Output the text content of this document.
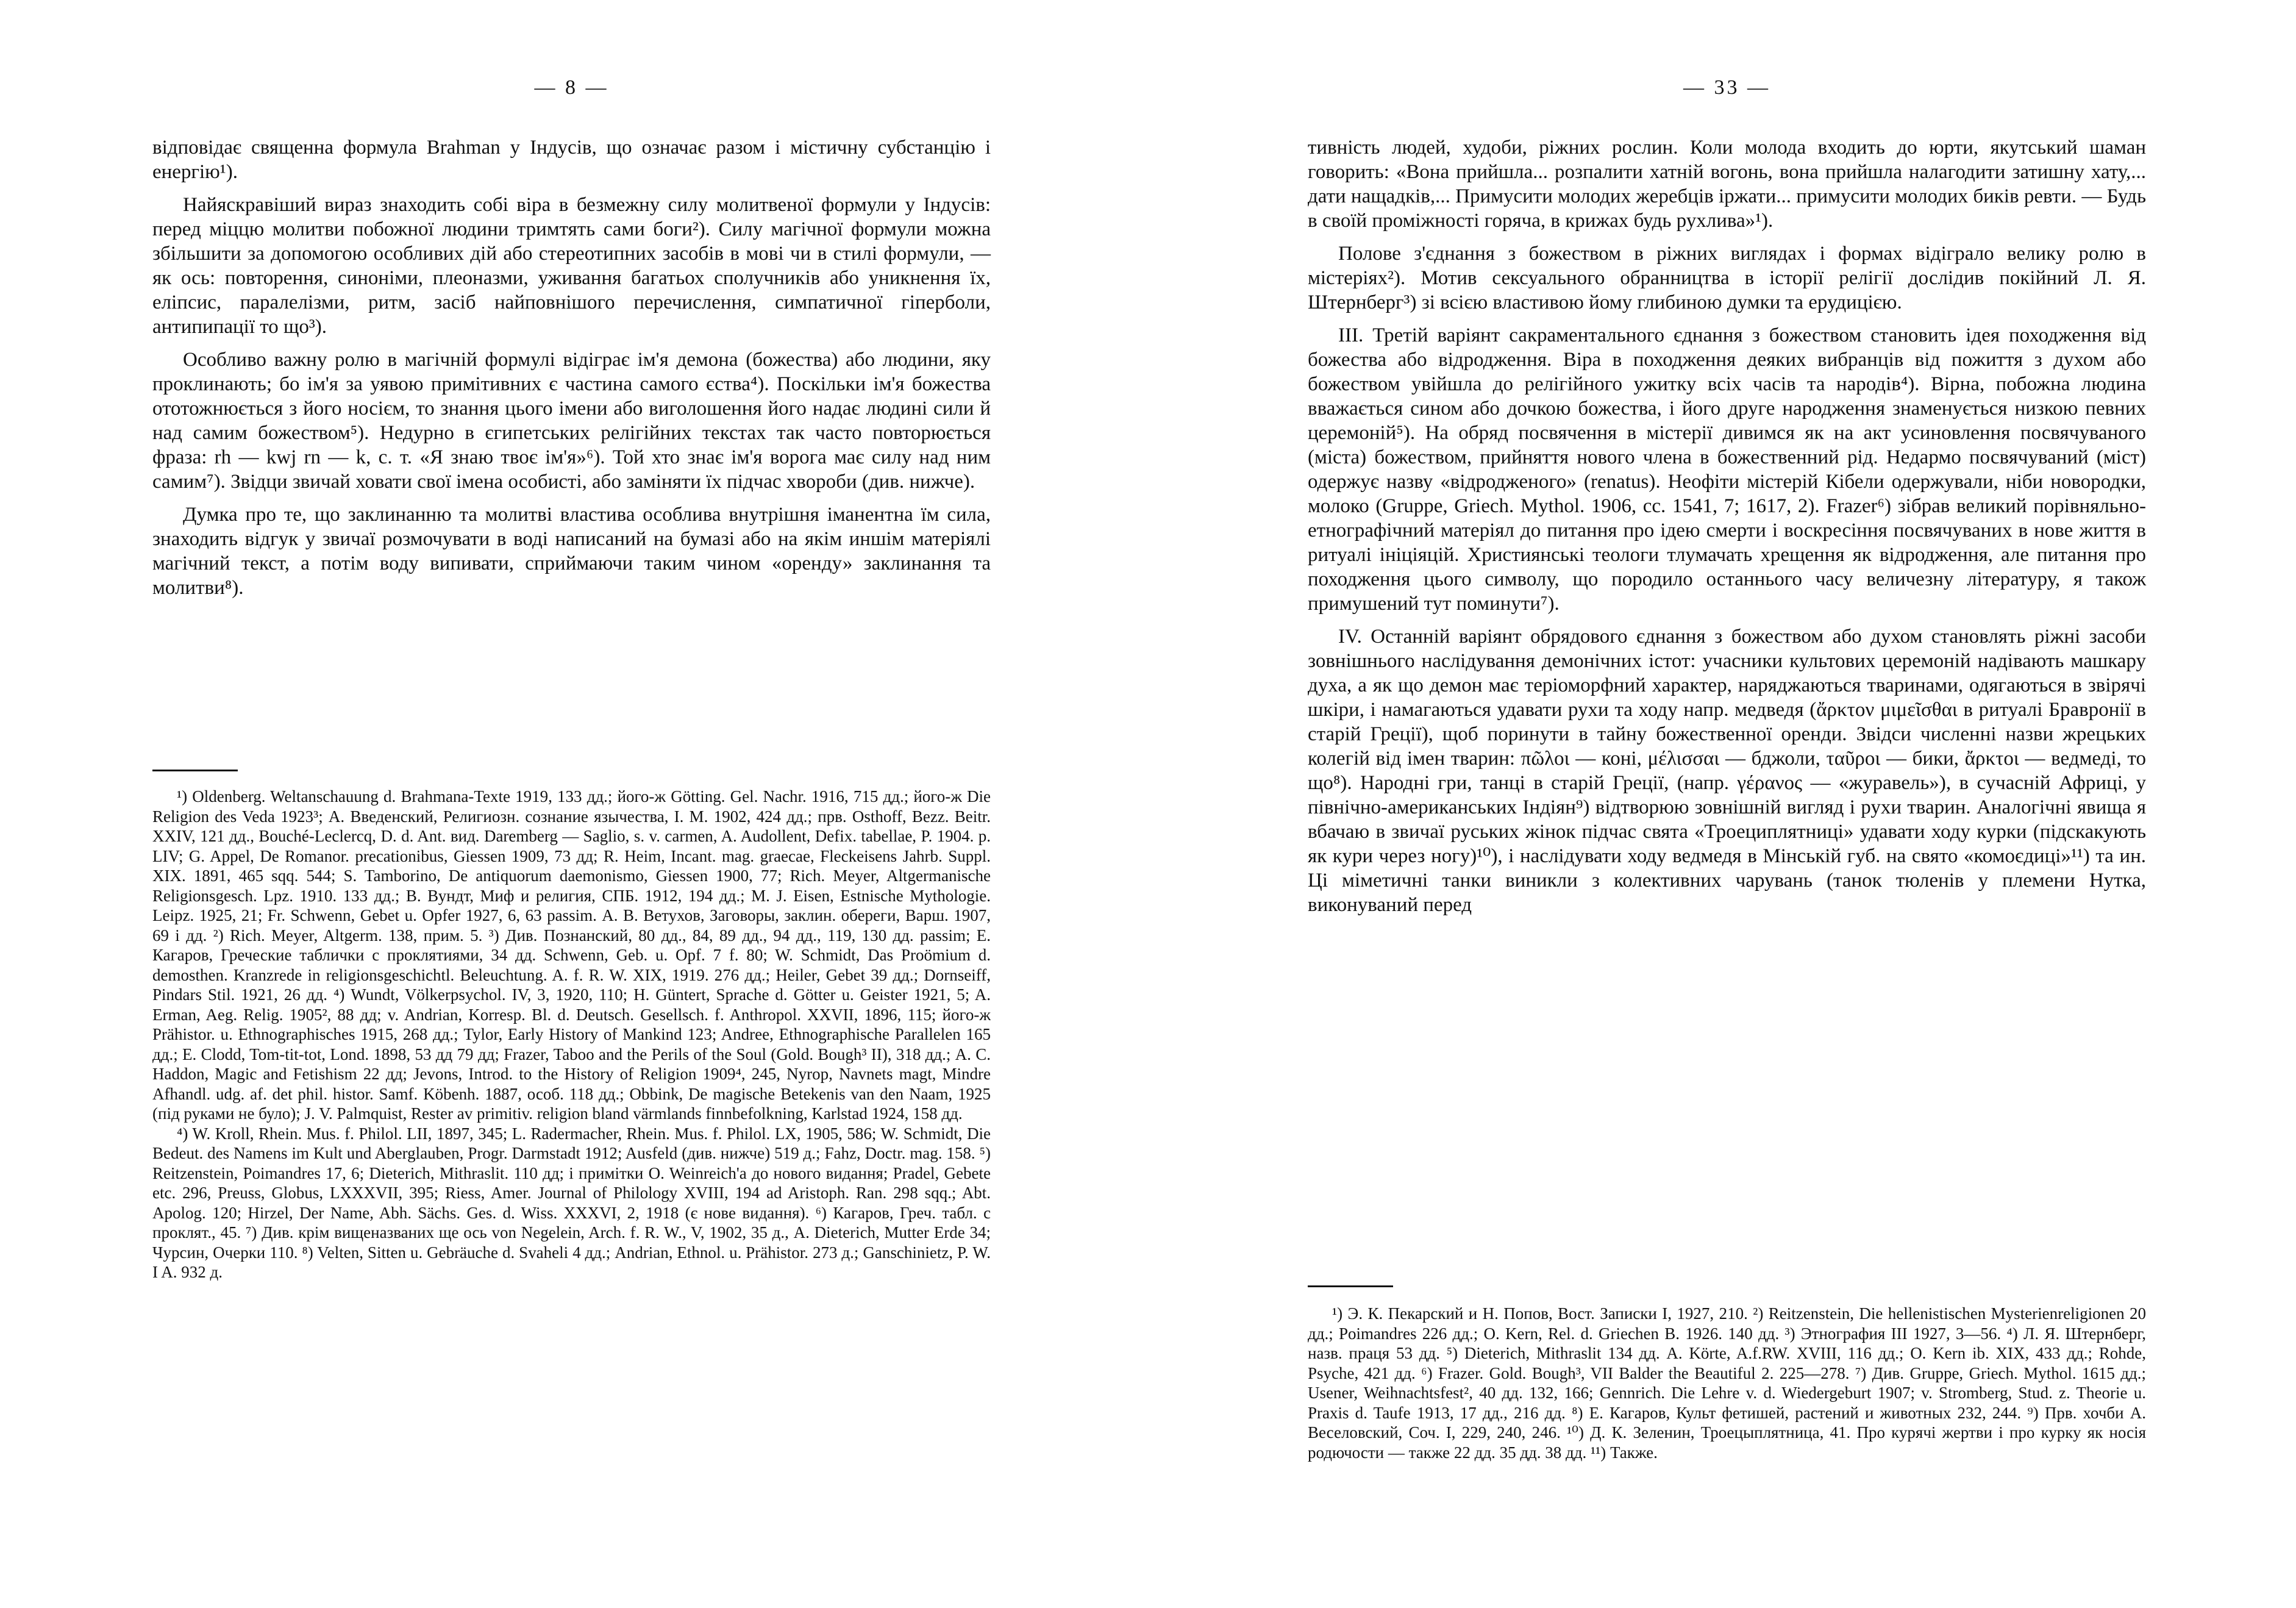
— 8 —

відповідає священна формула Brahman у Індусів, що означає разом і містичну субстанцію і енергію¹).

Найяскравіший вираз знаходить собі віра в безмежну силу молитвеної формули у Індусів: перед міццю молитви побожної людини тримтять сами боги²). Силу магічної формули можна збільшити за допомогою особливих дій або стереотипних засобів в мові чи в стилі формули, — як ось: повторення, синоніми, плеоназми, уживання багатьох сполучників або уникнення їх, еліпсис, паралелізми, ритм, засіб найповнішого перечислення, симпатичної гіперболи, антипипації то що³).

Особливо важну ролю в магічній формулі відіграє ім'я демона (божества) або людини, яку проклинають; бо ім'я за уявою примітивних є частина самого єства⁴). Поскільки ім'я божества ототожнюється з його носієм, то знання цього імени або виголошення його надає людині сили й над самим божеством⁵). Недурно в єгипетських релігійних текстах так часто повторюється фраза: rh — kwj rn — k, с. т. «Я знаю твоє ім'я»⁶). Той хто знає ім'я ворога має силу над ним самим⁷). Звідци звичай ховати свої імена особисті, або заміняти їх підчас хвороби (див. нижче).

Думка про те, що заклинанню та молитві властива особлива внутрішня іманентна їм сила, знаходить відгук у звичаї розмочувати в воді написаний на бумазі або на якім иншім матеріялі магічний текст, а потім воду випивати, сприймаючи таким чином «оренду» заклинання та молитви⁸).

¹) Oldenberg. Weltanschauung d. Brahmana-Texte 1919, 133 дд.; його-ж Götting. Gel. Nachr. 1916, 715 дд.; його-ж Die Religion des Veda 1923³; А. Введенский, Религиозн. сознание язычества, I. М. 1902, 424 дд.; прв. Osthoff, Bezz. Beitr. XXIV, 121 дд., Bouché-Leclercq, D. d. Ant. вид. Daremberg — Saglio, s. v. carmen, A. Audollent, Defix. tabellae, P. 1904. p. LIV; G. Appel, De Romanor. precationibus, Giessen 1909, 73 дд; R. Heim, Incant. mag. graecae, Fleckeisens Jahrb. Suppl. XIX. 1891, 465 sqq. 544; S. Tamborino, De antiquorum daemonismo, Giessen 1900, 77; Rich. Meyer, Altgermanische Religionsgesch. Lpz. 1910. 133 дд.; В. Вундт, Миф и религия, СПБ. 1912, 194 дд.; M. J. Eisen, Estnische Mythologie. Leipz. 1925, 21; Fr. Schwenn, Gebet u. Opfer 1927, 6, 63 passim. А. В. Ветухов, Заговоры, заклин. обереги, Варш. 1907, 69 і дд. ²) Rich. Meyer, Altgerm. 138, прим. 5. ³) Див. Познанский, 80 дд., 84, 89 дд., 94 дд., 119, 130 дд. passim; Е. Кагаров, Греческие таблички с проклятиями, 34 дд. Schwenn, Geb. u. Opf. 7 f. 80; W. Schmidt, Das Proömium d. demosthen. Kranzrede in religionsgeschichtl. Beleuchtung. A. f. R. W. XIX, 1919. 276 дд.; Heiler, Gebet 39 дд.; Dornseiff, Pindars Stil. 1921, 26 дд. ⁴) Wundt, Völkerpsychol. IV, 3, 1920, 110; H. Güntert, Sprache d. Götter u. Geister 1921, 5; A. Erman, Aeg. Relig. 1905², 88 дд; v. Andrian, Korresp. Bl. d. Deutsch. Gesellsch. f. Anthropol. XXVII, 1896, 115; його-ж Prähistor. u. Ethnographisches 1915, 268 дд.; Tylor, Early History of Mankind 123; Andree, Ethnographische Parallelen 165 дд.; E. Clodd, Tom-tit-tot, Lond. 1898, 53 дд 79 дд; Frazer, Taboo and the Perils of the Soul (Gold. Bough³ II), 318 дд.; A. C. Haddon, Magic and Fetishism 22 дд; Jevons, Introd. to the History of Religion 1909⁴, 245, Nyrop, Navnets magt, Mindre Afhandl. udg. af. det phil. histor. Samf. Köbenh. 1887, особ. 118 дд.; Obbink, De magische Betekenis van den Naam, 1925 (під руками не було); J. V. Palmquist, Rester av primitiv. religion bland värmlands finnbefolkning, Karlstad 1924, 158 дд.

⁴) W. Kroll, Rhein. Mus. f. Philol. LII, 1897, 345; L. Radermacher, Rhein. Mus. f. Philol. LX, 1905, 586; W. Schmidt, Die Bedeut. des Namens im Kult und Aberglauben, Progr. Darmstadt 1912; Ausfeld (див. нижче) 519 д.; Fahz, Doctr. mag. 158. ⁵) Reitzenstein, Poimandres 17, 6; Dieterich, Mithraslit. 110 дд; і примітки O. Weinreich'а до нового видання; Pradel, Gebete etc. 296, Preuss, Globus, LXXXVII, 395; Riess, Amer. Journal of Philology XVIII, 194 ad Aristoph. Ran. 298 sqq.; Abt. Apolog. 120; Hirzel, Der Name, Abh. Sächs. Ges. d. Wiss. XXXVI, 2, 1918 (є нове видання). ⁶) Кагаров, Греч. табл. с проклят., 45. ⁷) Див. крім вищеназваних ще ось von Negelein, Arch. f. R. W., V, 1902, 35 д., A. Dieterich, Mutter Erde 34; Чурсин, Очерки 110. ⁸) Velten, Sitten u. Gebräuche d. Svaheli 4 дд.; Andrian, Ethnol. u. Prähistor. 273 д.; Ganschinietz, P. W. I A. 932 д.

— 33 —

тивність людей, худоби, ріжних рослин. Коли молода входить до юрти, якутський шаман говорить: «Вона прийшла... розпалити хатній вогонь, вона прийшла налагодити затишну хату,... дати нащадків,... Примусити молодих жеребців іржати... примусити молодих биків ревти. — Будь в своїй проміжності горяча, в крижах будь рухлива»¹).

Полове з'єднання з божеством в ріжних виглядах і формах відіграло велику ролю в містеріях²). Мотив сексуального обранництва в історії релігії дослідив покійний Л. Я. Штернберг³) зі всією властивою йому глибиною думки та ерудицією.

III. Третій варіянт сакраментального єднання з божеством становить ідея походження від божества або відродження. Віра в походження деяких вибранців від пожиття з духом або божеством увійшла до релігійного ужитку всіх часів та народів⁴). Вірна, побожна людина вважається сином або дочкою божества, і його друге народження знаменується низкою певних церемоній⁵). На обряд посвячення в містерії дивимся як на акт усиновлення посвячуваного (міста) божеством, прийняття нового члена в божественний рід. Недармо посвячуваний (міст) одержує назву «відродженого» (renatus). Неофіти містерій Кібели одержували, ніби новородки, молоко (Gruppe, Griech. Mythol. 1906, сс. 1541, 7; 1617, 2). Frazer⁶) зібрав великий порівняльно-етнографічний матеріял до питання про ідею смерти і воскресіння посвячуваних в нове життя в ритуалі ініціяцій. Християнські теологи тлумачать хрещення як відродження, але питання про походження цього символу, що породило останнього часу величезну літературу, я також примушений тут поминути⁷).

IV. Останній варіянт обрядового єднання з божеством або духом становлять ріжні засоби зовнішнього наслідування демонічних істот: учасники культових церемоній надівають машкару духа, а як що демон має теріоморфний характер, наряджаються тваринами, одягаються в звірячі шкіри, і намагаються удавати рухи та ходу напр. медведя (ἄρκτον μιμεῖσθαι в ритуалі Бравронії в старій Греції), щоб поринути в тайну божественної оренди. Звідси численні назви жрецьких колегій від імен тварин: πῶλοι — коні, μέλισσαι — бджоли, ταῦροι — бики, ἄρκτοι — ведмеді, то що⁸). Народні гри, танці в старій Греції, (напр. γέρανος — «журавель»), в сучасній Африці, у північно-американських Індіян⁹) відтворюю зовнішній вигляд і рухи тварин. Аналогічні явища я вбачаю в звичаї руських жінок підчас свята «Троециплятниці» удавати ходу курки (підскакують як кури через ногу)¹⁰), і наслідувати ходу ведмедя в Мінській губ. на свято «комоєдиці»¹¹) та ин. Ці міметичні танки виникли з колективних чарувань (танок тюленів у племени Нутка, виконуваний перед

¹) Э. К. Пекарский и Н. Попов, Вост. Записки I, 1927, 210. ²) Reitzenstein, Die hellenistischen Mysterienreligionen 20 дд.; Poimandres 226 дд.; O. Kern, Rel. d. Griechen B. 1926. 140 дд. ³) Этнография III 1927, 3—56. ⁴) Л. Я. Штернберг, назв. праця 53 дд. ⁵) Dieterich, Mithraslit 134 дд. A. Körte, A.f.RW. XVIII, 116 дд.; O. Kern ib. XIX, 433 дд.; Rohde, Psyche, 421 дд. ⁶) Frazer. Gold. Bough³, VII Balder the Beautiful 2. 225—278. ⁷) Див. Gruppe, Griech. Mythol. 1615 дд.; Usener, Weihnachtsfest², 40 дд. 132, 166; Gennrich. Die Lehre v. d. Wiedergeburt 1907; v. Stromberg, Stud. z. Theorie u. Praxis d. Taufe 1913, 17 дд., 216 дд. ⁸) Е. Кагаров, Культ фетишей, растений и животных 232, 244. ⁹) Прв. хочби А. Веселовский, Соч. I, 229, 240, 246. ¹⁰) Д. К. Зеленин, Троецыплятница, 41. Про курячі жертви і про курку як носія родючости — также 22 дд. 35 дд. 38 дд. ¹¹) Также.
